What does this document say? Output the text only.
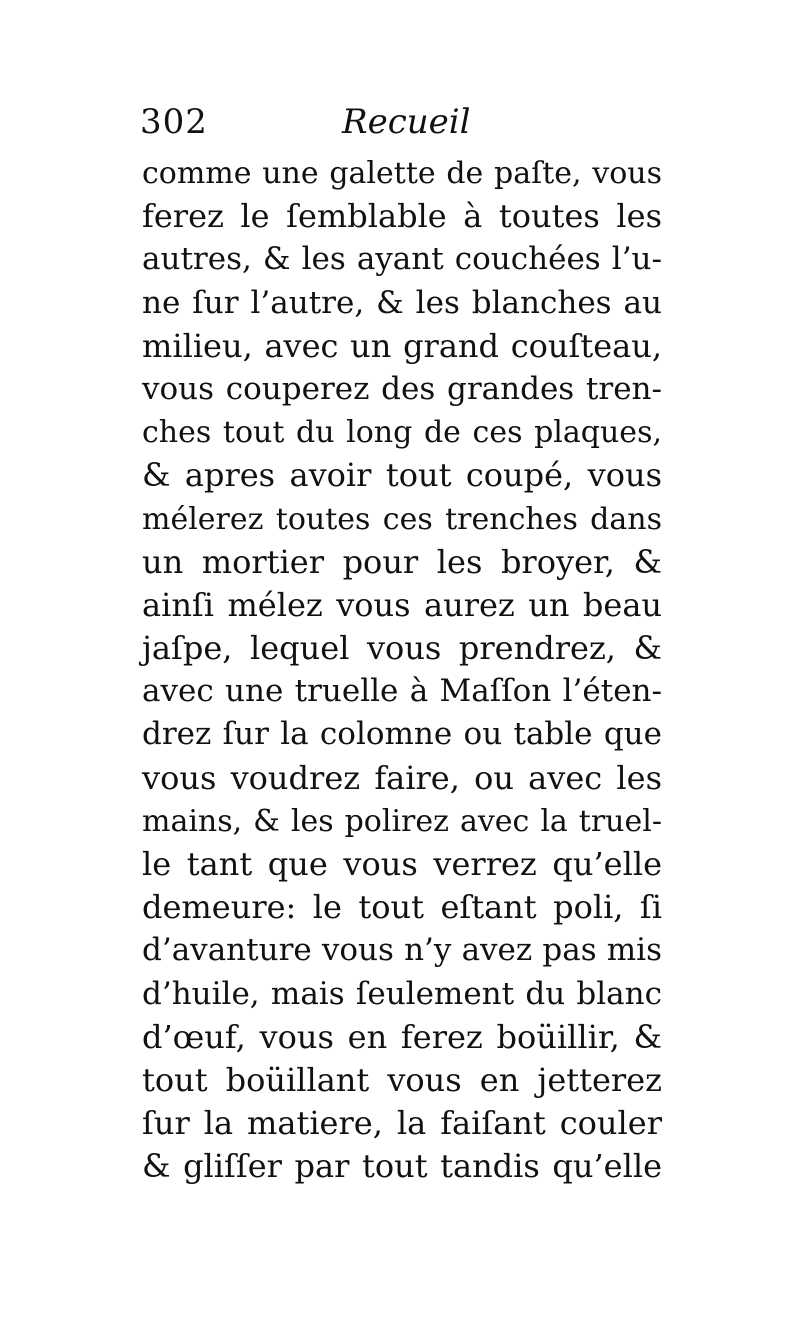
302	Recueil
comme une galette de paſte, vous
ferez le ſemblable à toutes les
autres, & les ayant couchées l’u-
ne ſur l’autre, & les blanches au
milieu, avec un grand couſteau,
vous couperez des grandes tren-
ches tout du long de ces plaques,
& apres avoir tout coupé, vous
mélerez toutes ces trenches dans
un mortier pour les broyer, &
ainſi mélez vous aurez un beau
jaſpe, lequel vous prendrez, &
avec une truelle à Maſſon l’éten-
drez ſur la colomne ou table que
vous voudrez faire, ou avec les
mains, & les polirez avec la truel-
le tant que vous verrez qu’elle
demeure: le tout eſtant poli, ſi
d’avanture vous n’y avez pas mis
d’huile, mais ſeulement du blanc
d’œuf, vous en ferez boüillir, &
tout boüillant vous en jetterez
ſur la matiere, la faiſant couler
& gliſſer par tout tandis qu’elle
